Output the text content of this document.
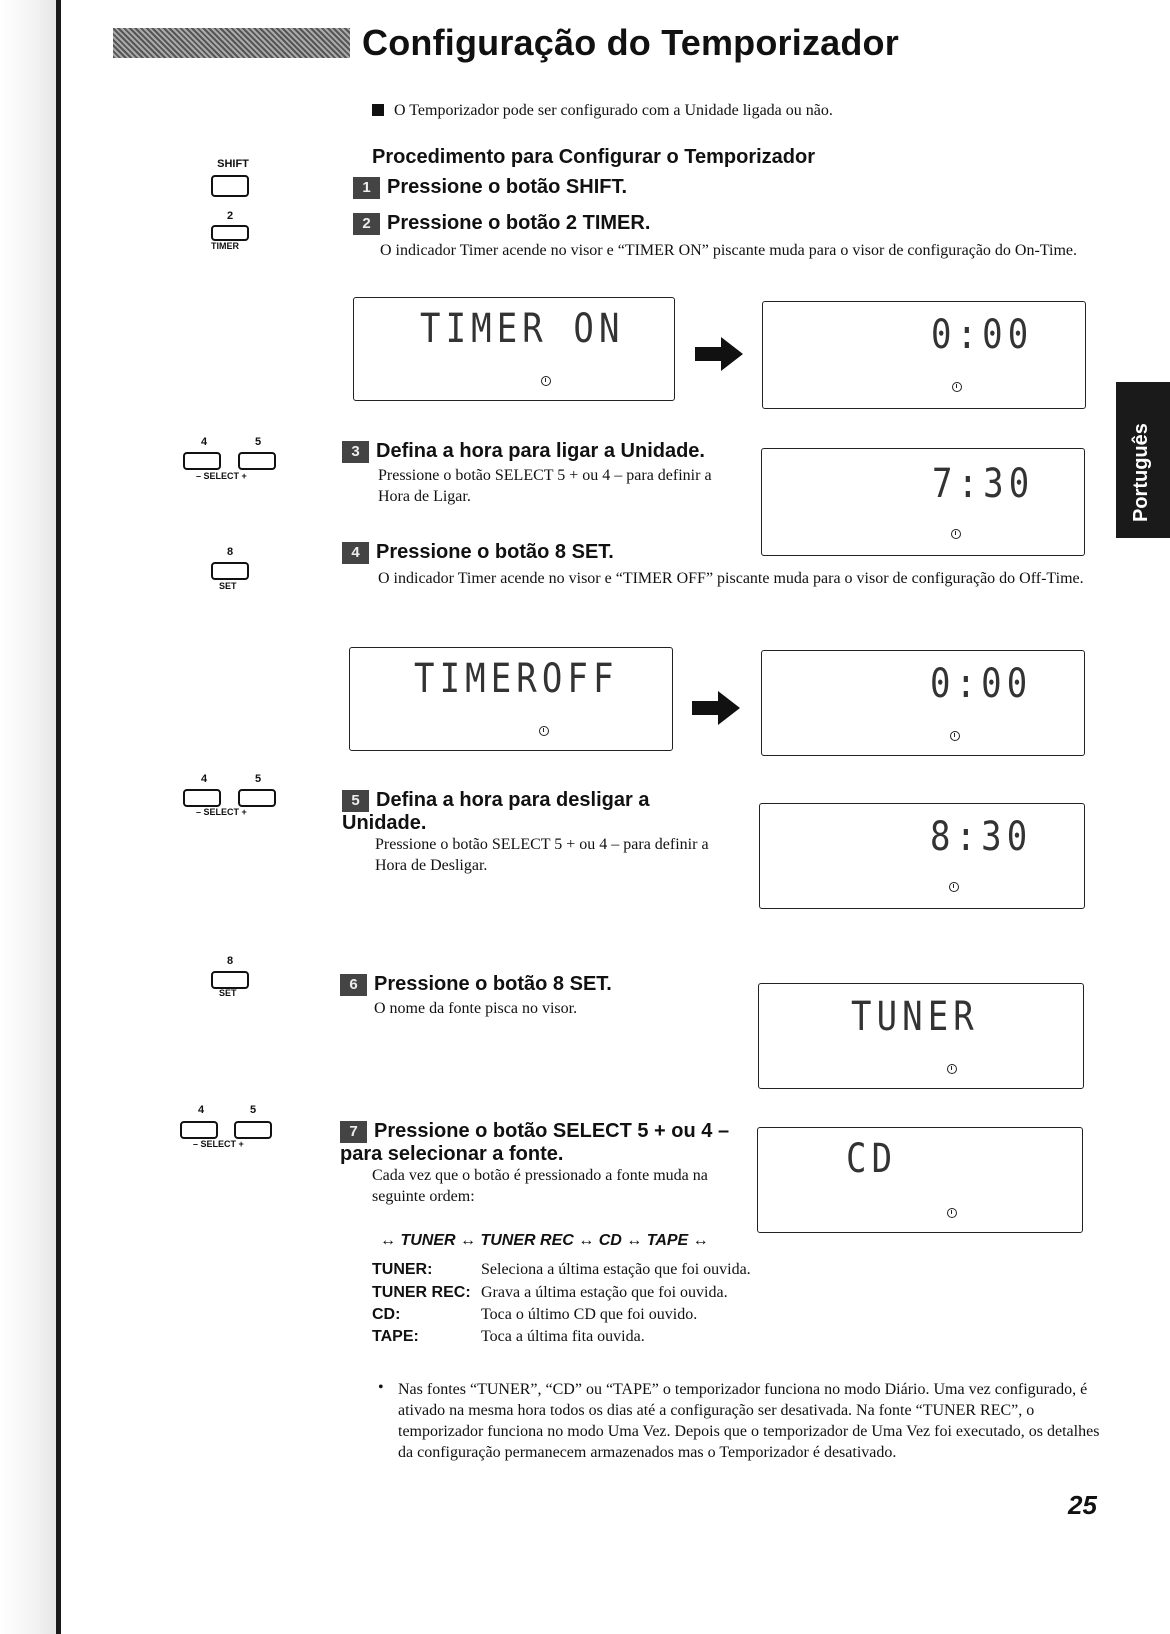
Configuração do Temporizador
Português
O Temporizador pode ser configurado com a Unidade ligada ou não.
Procedimento para Configurar o Temporizador
SHIFT
1 Pressione o botão SHIFT.
2
TIMER
2 Pressione o botão 2 TIMER.
O indicador Timer acende no visor e “TIMER ON” piscante muda para o visor de configuração do On-Time.
TIMER ON	0:00
4	5
– SELECT +
3 Defina a hora para ligar a Unidade.
Pressione o botão SELECT 5 + ou 4 – para definir a Hora de Ligar.	7:30
8
SET
4 Pressione o botão 8 SET.
O indicador Timer acende no visor e “TIMER OFF” piscante muda para o visor de configuração do Off-Time.
TIMEROFF	0:00
4	5
– SELECT +
5 Defina a hora para desligar a Unidade.
Pressione o botão SELECT 5 + ou 4 – para definir a Hora de Desligar.
8:30
8
SET	6 Pressione o botão 8 SET.
O nome da fonte pisca no visor.	TUNER
4	5
– SELECT +
7 Pressione o botão SELECT 5 + ou 4 – para selecionar a fonte.
Cada vez que o botão é pressionado a fonte muda na seguinte ordem:
CD
↔ TUNER ↔ TUNER REC ↔ CD ↔ TAPE ↔
TUNER:	Seleciona a última estação que foi ouvida.
TUNER REC: Grava a última estação que foi ouvida.
CD:	Toca o último CD que foi ouvido.
TAPE:	Toca a última fita ouvida.
• Nas fontes “TUNER”, “CD” ou “TAPE” o temporizador funciona no modo Diário. Uma vez configurado, é ativado na mesma hora todos os dias até a configuração ser desativada. Na fonte “TUNER REC”, o temporizador funciona no modo Uma Vez. Depois que o temporizador de Uma Vez foi executado, os detalhes da configuração permanecem armazenados mas o Temporizador é desativado.
25
